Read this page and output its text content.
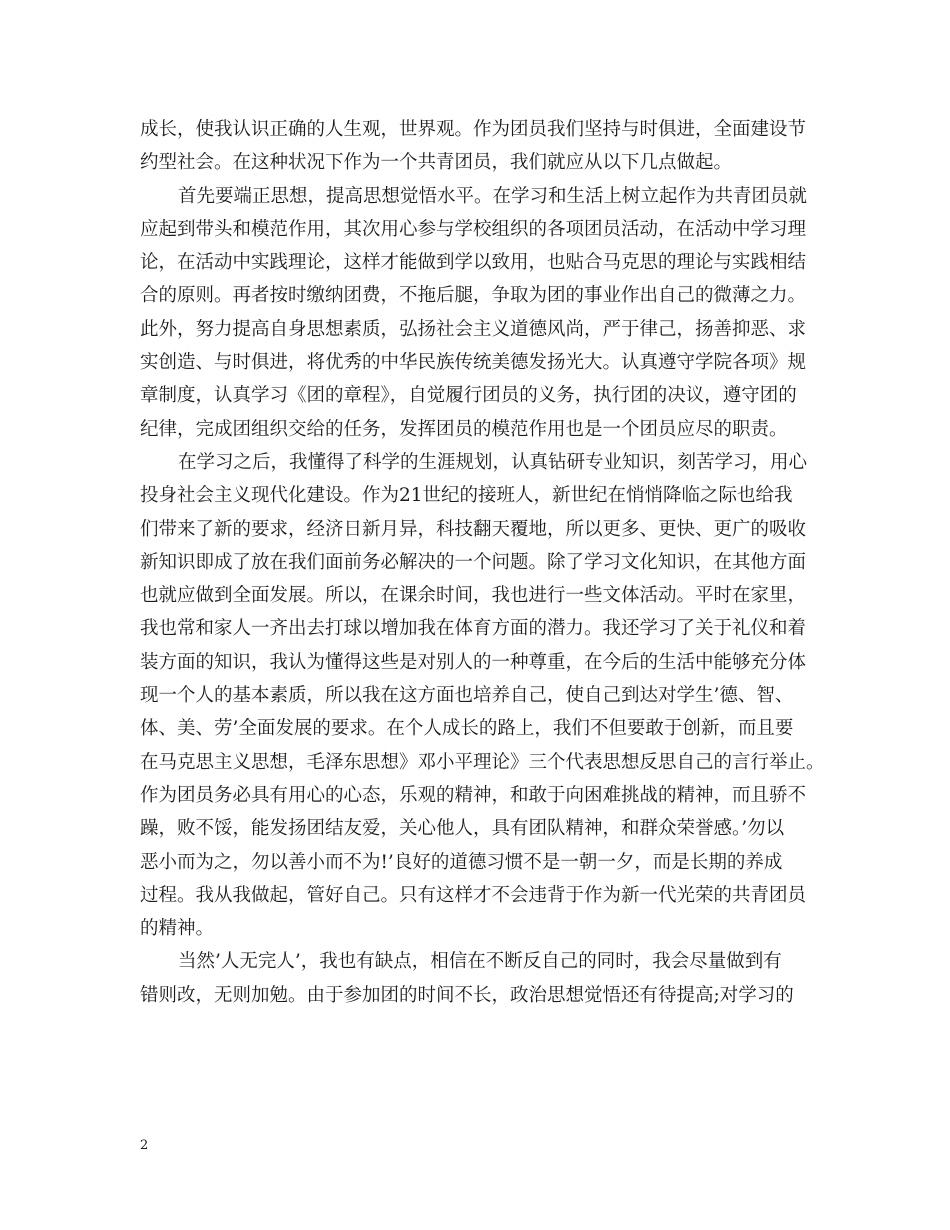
成长，使我认识正确的人生观，世界观。作为团员我们坚持与时俱进，全面建设节
约型社会。在这种状况下作为一个共青团员，我们就应从以下几点做起。
首先要端正思想，提高思想觉悟水平。在学习和生活上树立起作为共青团员就
应起到带头和模范作用，其次用心参与学校组织的各项团员活动，在活动中学习理
论，在活动中实践理论，这样才能做到学以致用，也贴合马克思的理论与实践相结
合的原则。再者按时缴纳团费，不拖后腿，争取为团的事业作出自己的微薄之力。
此外，努力提高自身思想素质，弘扬社会主义道德风尚，严于律己，扬善抑恶、求
实创造、与时俱进，将优秀的中华民族传统美德发扬光大。认真遵守学院各项》规
章制度，认真学习《团的章程》，自觉履行团员的义务，执行团的决议，遵守团的
纪律，完成团组织交给的任务，发挥团员的模范作用也是一个团员应尽的职责。
在学习之后，我懂得了科学的生涯规划，认真钻研专业知识，刻苦学习，用心
投身社会主义现代化建设。作为21世纪的接班人，新世纪在悄悄降临之际也给我
们带来了新的要求，经济日新月异，科技翻天覆地，所以更多、更快、更广的吸收
新知识即成了放在我们面前务必解决的一个问题。除了学习文化知识，在其他方面
也就应做到全面发展。所以，在课余时间，我也进行一些文体活动。平时在家里，
我也常和家人一齐出去打球以增加我在体育方面的潜力。我还学习了关于礼仪和着
装方面的知识，我认为懂得这些是对别人的一种尊重，在今后的生活中能够充分体
现一个人的基本素质，所以我在这方面也培养自己，使自己到达对学生’德、智、
体、美、劳’全面发展的要求。在个人成长的路上，我们不但要敢于创新，而且要
在马克思主义思想，毛泽东思想》邓小平理论》三个代表思想反思自己的言行举止。
作为团员务必具有用心的心态，乐观的精神，和敢于向困难挑战的精神，而且骄不
躁，败不馁，能发扬团结友爱，关心他人，具有团队精神，和群众荣誉感。’勿以
恶小而为之，勿以善小而不为!’良好的道德习惯不是一朝一夕，而是长期的养成
过程。我从我做起，管好自己。只有这样才不会违背于作为新一代光荣的共青团员
的精神。
当然’人无完人’，我也有缺点，相信在不断反自己的同时，我会尽量做到有
错则改，无则加勉。由于参加团的时间不长，政治思想觉悟还有待提高;对学习的
2
